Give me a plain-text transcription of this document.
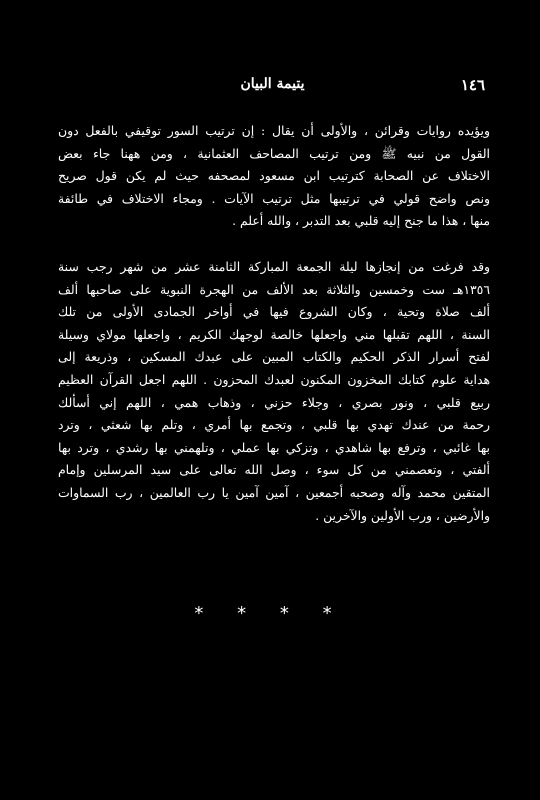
١٤٦
يتيمة البيان
ويؤيده روايات وقرائن ، والأولى أن يقال : إن ترتيب السور توقيفي بالفعل دون
القول من نبيه ﷺ ومن ترتيب المصاحف العثمانية ، ومن ههنا جاء بعض
الاختلاف عن الصحابة كترتيب ابن مسعود لمصحفه حيث لم يكن قول صريح
ونص واضح قولي في ترتيبها مثل ترتيب الآيات . ومجاء الاختلاف في طائفة
منها ، هذا ما جنح إليه قلبي بعد التدبر ، والله أعلم .
وقد فرغت من إنجازها ليلة الجمعة المباركة الثامنة عشر من شهر رجب سنة
١٣٥٦هـ ست وخمسين والثلاثة بعد الألف من الهجرة النبوية على صاحبها ألف
ألف صلاة وتحية ، وكان الشروع فيها في أواخر الجمادى الأولى من تلك
السنة ، اللهم تقبلها مني واجعلها خالصة لوجهك الكريم ، واجعلها مولاي وسيلة
لفتح أسرار الذكر الحكيم والكتاب المبين على عبدك المسكين ، وذريعة إلى
هداية علوم كتابك المخزون المكنون لعبدك المحزون . اللهم اجعل القرآن العظيم
ربيع قلبي ، ونور بصري ، وجلاء حزني ، وذهاب همي ، اللهم إني أسألك
رحمة من عندك تهدي بها قلبي ، وتجمع بها أمري ، وتلم بها شعثي ، وترد
بها غائبي ، وترفع بها شاهدي ، وتزكي بها عملي ، وتلهمني بها رشدي ، وترد بها
ألفتي ، وتعصمني من كل سوء ، وصل الله تعالى على سيد المرسلين وإمام
المتقين محمد وآله وصحبه أجمعين ، آمين آمين يا رب العالمين ، رب السماوات
والأرضين ، ورب الأولين والآخرين .
* * * *
